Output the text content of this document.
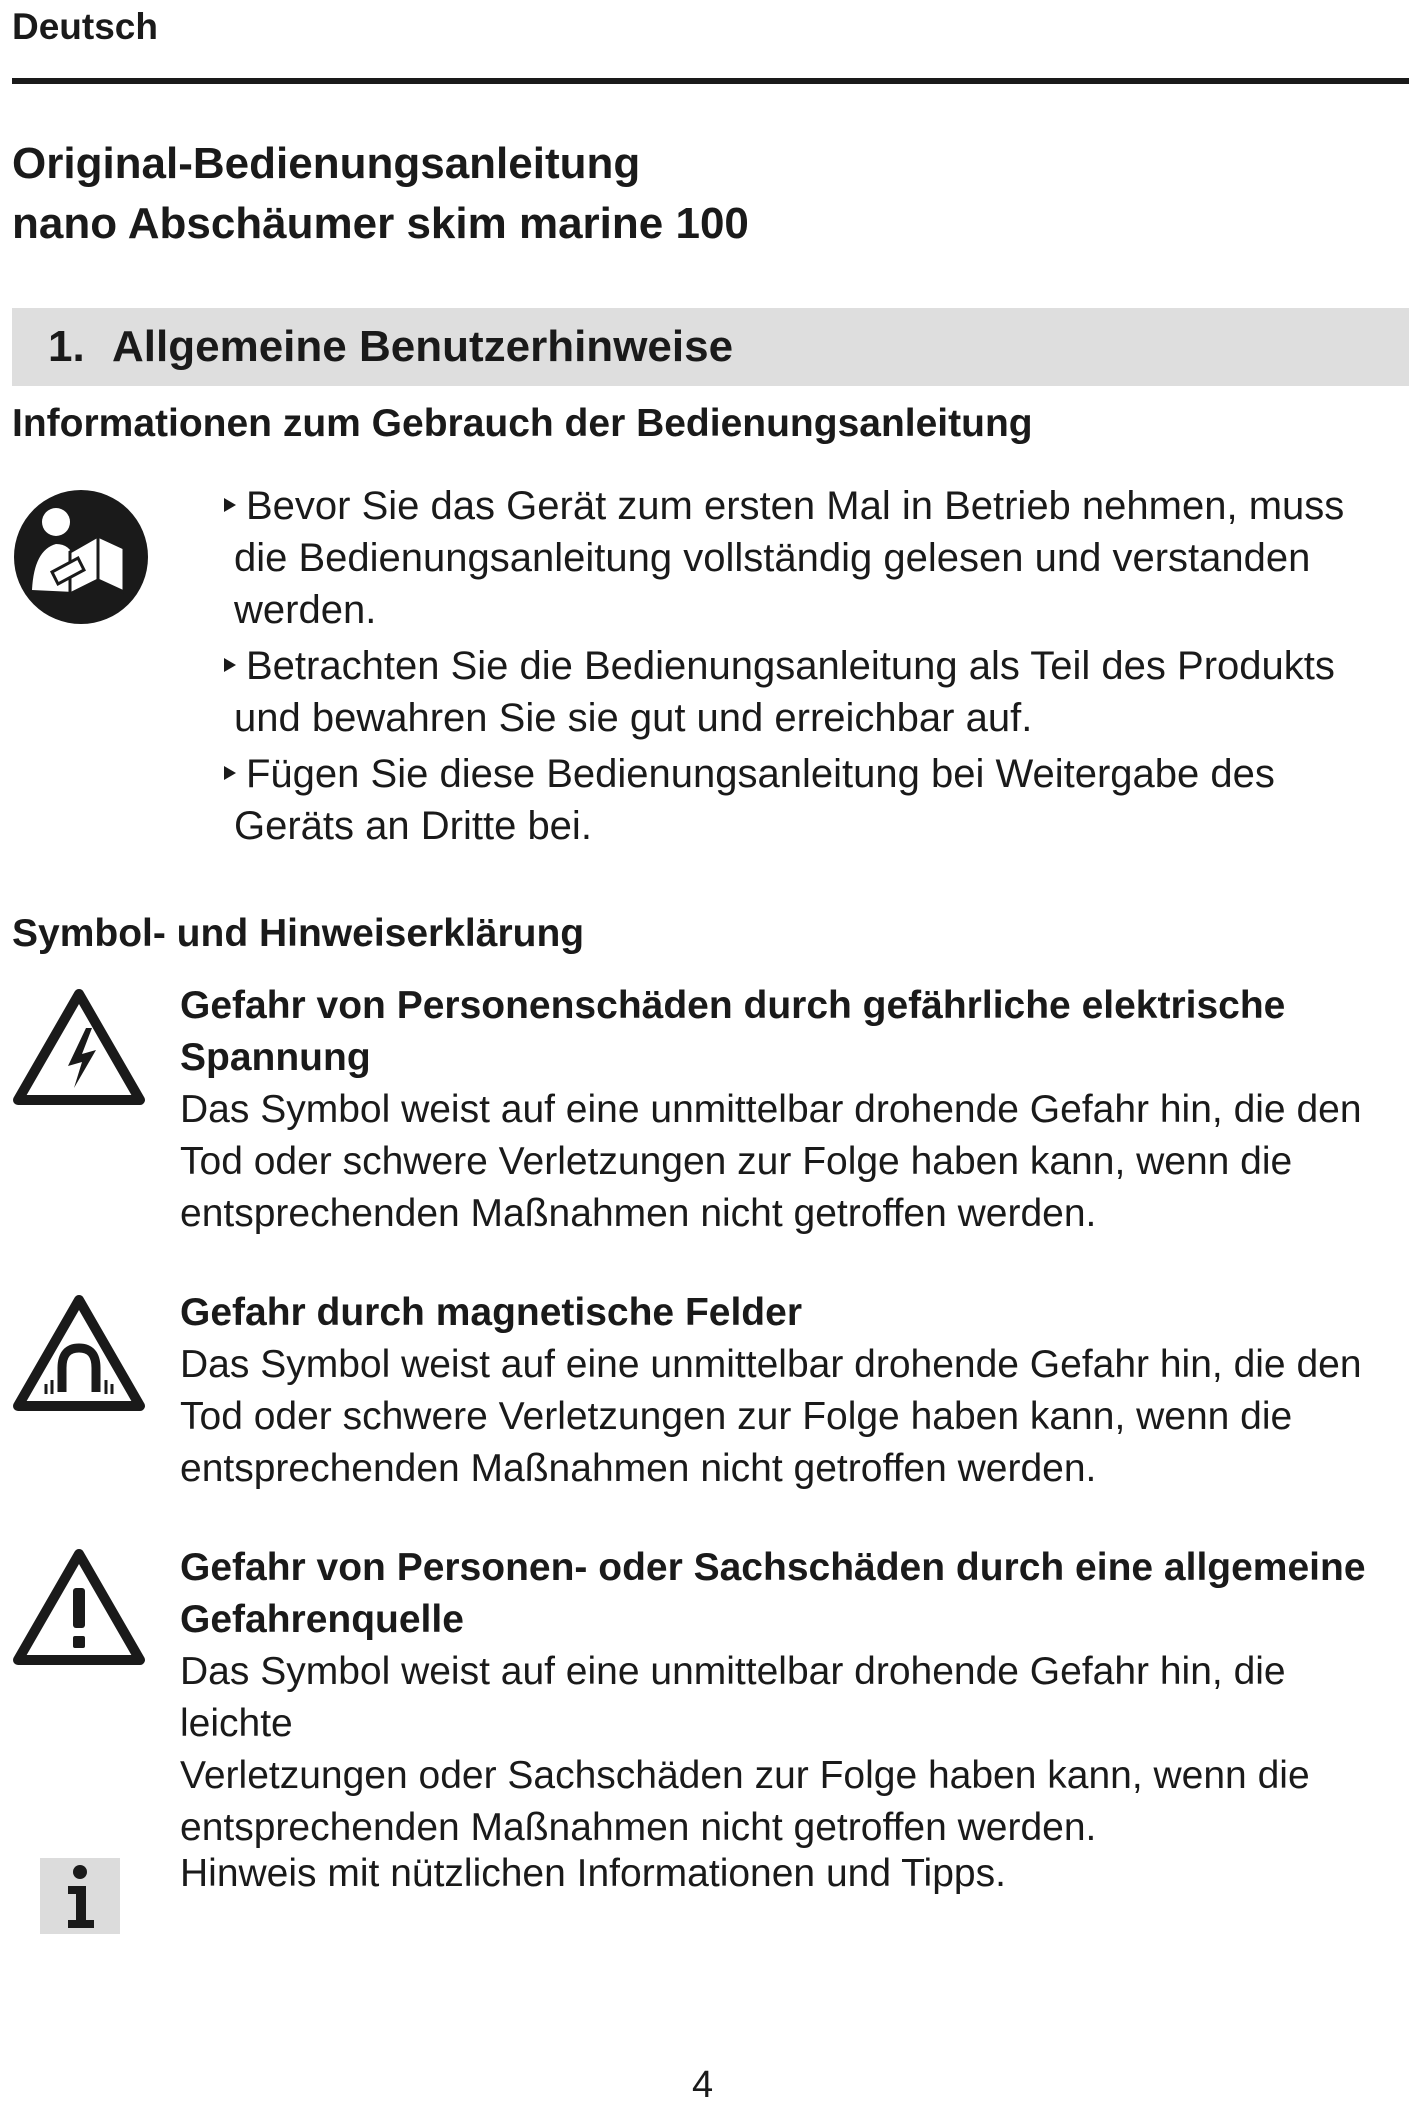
Deutsch
Original-Bedienungsanleitung
nano Abschäumer skim marine 100
1. Allgemeine Benutzerhinweise
Informationen zum Gebrauch der Bedienungsanleitung
Bevor Sie das Gerät zum ersten Mal in Betrieb nehmen, muss
die Bedienungsanleitung vollständig gelesen und verstanden
werden.
Betrachten Sie die Bedienungsanleitung als Teil des Produkts
und bewahren Sie sie gut und erreichbar auf.
Fügen Sie diese Bedienungsanleitung bei Weitergabe des
Geräts an Dritte bei.
Symbol- und Hinweiserklärung
Gefahr von Personenschäden durch gefährliche elektrische
Spannung
Das Symbol weist auf eine unmittelbar drohende Gefahr hin, die den
Tod oder schwere Verletzungen zur Folge haben kann, wenn die
entsprechenden Maßnahmen nicht getroffen werden.
Gefahr durch magnetische Felder
Das Symbol weist auf eine unmittelbar drohende Gefahr hin, die den
Tod oder schwere Verletzungen zur Folge haben kann, wenn die
entsprechenden Maßnahmen nicht getroffen werden.
Gefahr von Personen- oder Sachschäden durch eine allgemeine
Gefahrenquelle
Das Symbol weist auf eine unmittelbar drohende Gefahr hin, die leichte
Verletzungen oder Sachschäden zur Folge haben kann, wenn die
entsprechenden Maßnahmen nicht getroffen werden.
Hinweis mit nützlichen Informationen und Tipps.
4
